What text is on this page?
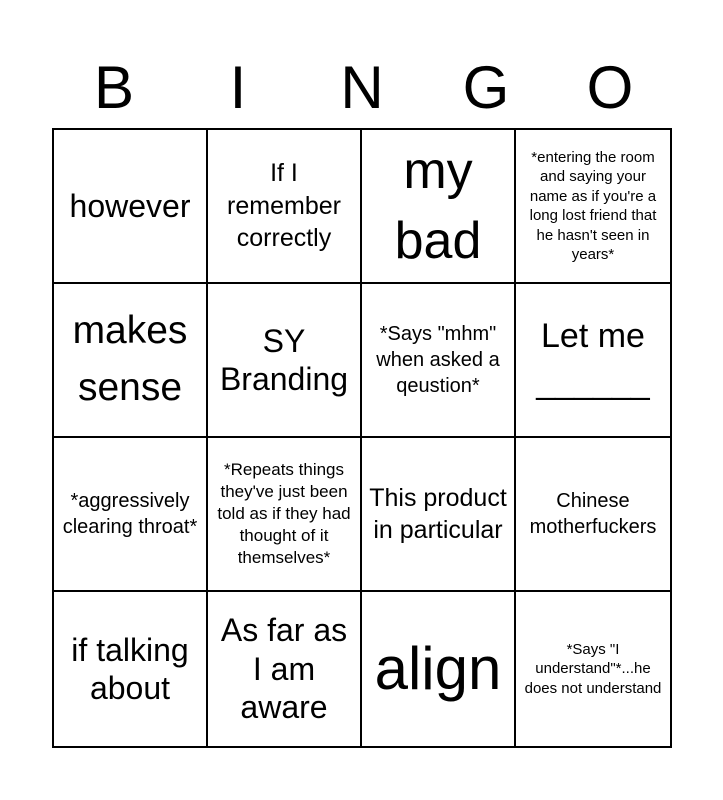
B	I	N	G	O
however
If I remember correctly
my bad
*entering the room and saying your name as if you're a long lost friend that he hasn't seen in years*
makes sense
SY Branding
*Says "mhm" when asked a qeustion*
Let me ______
*aggressively clearing throat*
*Repeats things they've just been told as if they had thought of it themselves*
This product in particular
Chinese motherfuckers
if talking about
As far as I am aware
align	*Says "I understand"*...he does not understand
